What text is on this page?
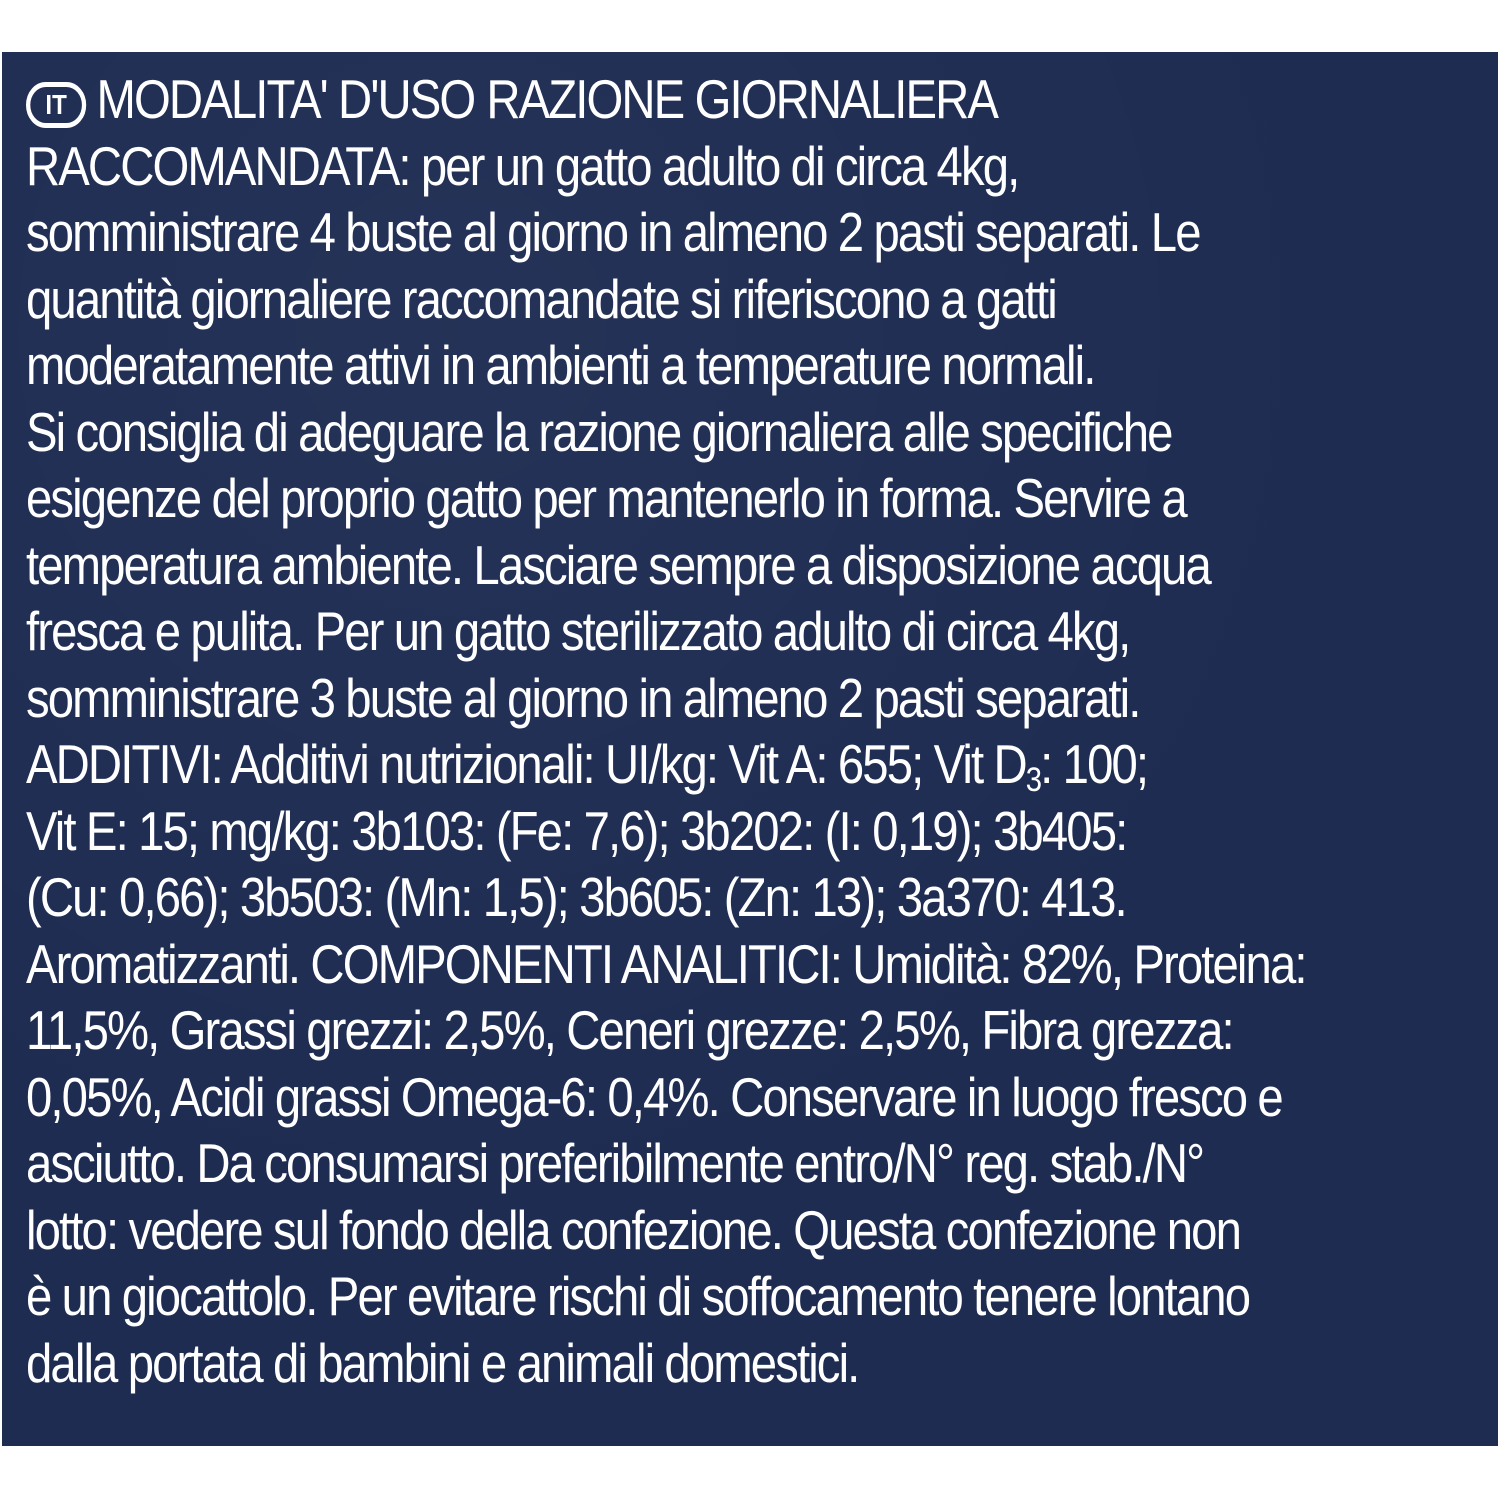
IT MODALITA' D'USO RAZIONE GIORNALIERA
RACCOMANDATA: per un gatto adulto di circa 4kg,
somministrare 4 buste al giorno in almeno 2 pasti separati. Le
quantità giornaliere raccomandate si riferiscono a gatti
moderatamente attivi in ambienti a temperature normali.
Si consiglia di adeguare la razione giornaliera alle specifiche
esigenze del proprio gatto per mantenerlo in forma. Servire a
temperatura ambiente. Lasciare sempre a disposizione acqua
fresca e pulita. Per un gatto sterilizzato adulto di circa 4kg,
somministrare 3 buste al giorno in almeno 2 pasti separati.
ADDITIVI: Additivi nutrizionali: UI/kg: Vit A: 655; Vit $D_3$: 100;
Vit E: 15; mg/kg: 3b103: (Fe: 7,6); 3b202: (I: 0,19); 3b405:
(Cu: 0,66); 3b503: (Mn: 1,5); 3b605: (Zn: 13); 3a370: 413.
Aromatizzanti. COMPONENTI ANALITICI: Umidità: 82%, Proteina:
11,5%, Grassi grezzi: 2,5%, Ceneri grezze: 2,5%, Fibra grezza:
0,05%, Acidi grassi Omega-6: 0,4%. Conservare in luogo fresco e
asciutto. Da consumarsi preferibilmente entro/N° reg. stab./N°
lotto: vedere sul fondo della confezione. Questa confezione non
è un giocattolo. Per evitare rischi di soffocamento tenere lontano
dalla portata di bambini e animali domestici.
